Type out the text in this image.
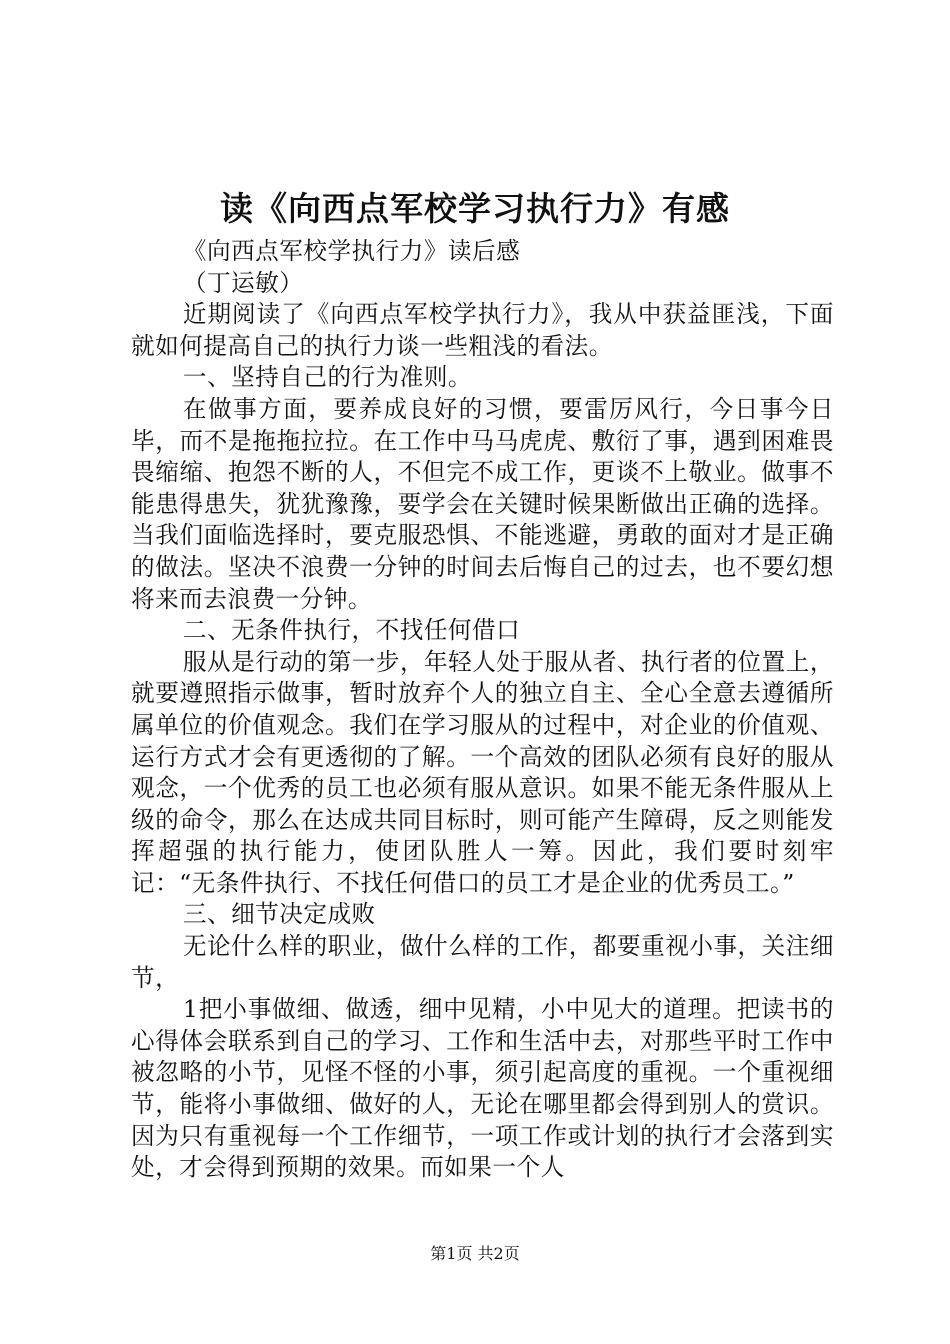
读《向西点军校学习执行力》有感

《向西点军校学执行力》读后感

（丁运敏）

近期阅读了《向西点军校学执行力》，我从中获益匪浅，下面就如何提高自己的执行力谈一些粗浅的看法。

一、坚持自己的行为准则。

在做事方面，要养成良好的习惯，要雷厉风行，今日事今日毕，而不是拖拖拉拉。在工作中马马虎虎、敷衍了事，遇到困难畏畏缩缩、抱怨不断的人，不但完不成工作，更谈不上敬业。做事不能患得患失，犹犹豫豫，要学会在关键时候果断做出正确的选择。当我们面临选择时，要克服恐惧、不能逃避，勇敢的面对才是正确的做法。坚决不浪费一分钟的时间去后悔自己的过去，也不要幻想将来而去浪费一分钟。

二、无条件执行，不找任何借口

服从是行动的第一步，年轻人处于服从者、执行者的位置上，就要遵照指示做事，暂时放弃个人的独立自主、全心全意去遵循所属单位的价值观念。我们在学习服从的过程中，对企业的价值观、运行方式才会有更透彻的了解。一个高效的团队必须有良好的服从观念，一个优秀的员工也必须有服从意识。如果不能无条件服从上级的命令，那么在达成共同目标时，则可能产生障碍，反之则能发挥超强的执行能力，使团队胜人一筹。因此，我们要时刻牢记：“无条件执行、不找任何借口的员工才是企业的优秀员工。”

三、细节决定成败

无论什么样的职业，做什么样的工作，都要重视小事，关注细节，

1把小事做细、做透，细中见精，小中见大的道理。把读书的心得体会联系到自己的学习、工作和生活中去，对那些平时工作中被忽略的小节，见怪不怪的小事，须引起高度的重视。一个重视细节，能将小事做细、做好的人，无论在哪里都会得到别人的赏识。因为只有重视每一个工作细节，一项工作或计划的执行才会落到实处，才会得到预期的效果。而如果一个人

第1页 共2页
